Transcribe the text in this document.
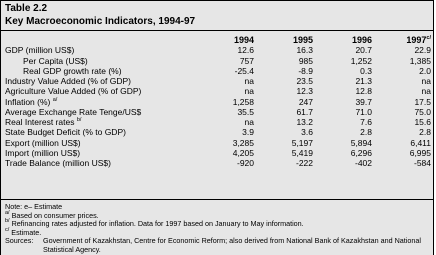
Table 2.2
Key Macroeconomic Indicators, 1994-97
	1994	1995	1996	$1997^{c/}$
GDP (million US$)	12.6	16.3	20.7	22.9
Per Capita (US$)	757	985	1,252	1,385
Real GDP growth rate (%)	-25.4	-8.9	0.3	2.0
Industry Value Added (% of GDP)	na	23.5	21.3	na
Agriculture Value Added (% of GDP)	na	12.3	12.8	na
Inflation (%) $^{a/}$	1,258	247	39.7	17.5
Average Exchange Rate Tenge/US$	35.5	61.7	71.0	75.0
Real Interest rates $^{b/}$	na	13.2	7.6	15.6
State Budget Deficit (% to GDP)	3.9	3.6	2.8	2.8
Export (million US$)	3,285	5,197	5,894	6,411
Import (million US$)	4,205	5,419	6,296	6,995
Trade Balance (million US$)	-920	-222	-402	-584
Note: e– Estimate
$^{a/}$ Based on consumer prices.
$^{b/}$ Refinancing rates adjusted for inflation. Data for 1997 based on January to May information.
$^{c/}$ Estimate.
Sources:	Government of Kazakhstan, Centre for Economic Reform; also derived from National Bank of Kazakhstan and National Statistical Agency.
